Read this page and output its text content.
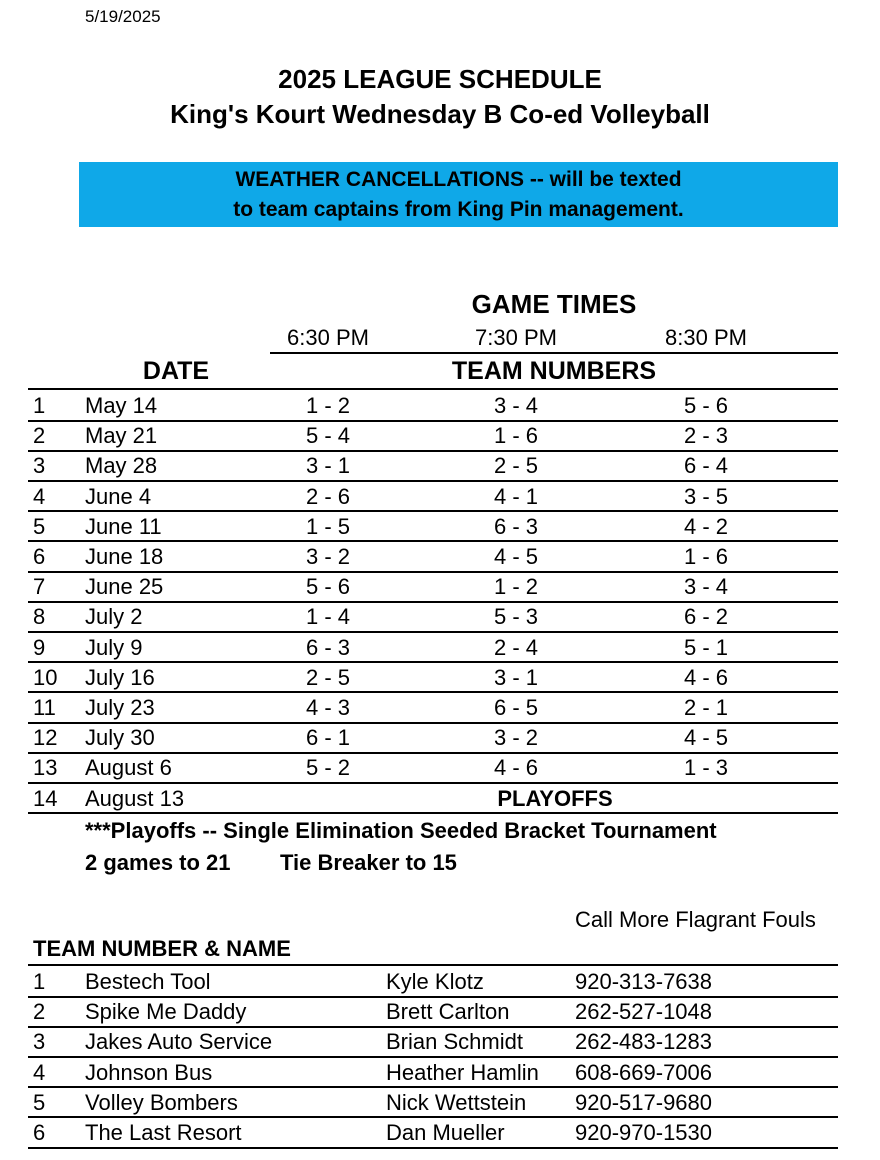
5/19/2025
2025 LEAGUE SCHEDULE
King's Kourt Wednesday B Co-ed Volleyball
WEATHER CANCELLATIONS -- will be texted
to team captains from King Pin management.
GAME TIMES
6:30 PM	7:30 PM	8:30 PM
DATE	TEAM NUMBERS
1 May 14	1 - 2	3 - 4	5 - 6
2 May 21	5 - 4	1 - 6	2 - 3
3 May 28	3 - 1	2 - 5	6 - 4
4 June 4	2 - 6	4 - 1	3 - 5
5 June 11	1 - 5	6 - 3	4 - 2
6 June 18	3 - 2	4 - 5	1 - 6
7 June 25	5 - 6	1 - 2	3 - 4
8 July 2	1 - 4	5 - 3	6 - 2
9 July 9	6 - 3	2 - 4	5 - 1
10 July 16	2 - 5	3 - 1	4 - 6
11 July 23	4 - 3	6 - 5	2 - 1
12 July 30	6 - 1	3 - 2	4 - 5
13 August 6	5 - 2	4 - 6	1 - 3
14 August 13	PLAYOFFS
***Playoffs -- Single Elimination Seeded Bracket Tournament
2 games to 21 Tie Breaker to 15
Call More Flagrant Fouls
TEAM NUMBER & NAME
1 Bestech Tool	Kyle Klotz	920-313-7638
2 Spike Me Daddy	Brett Carlton	262-527-1048
3 Jakes Auto Service	Brian Schmidt 262-483-1283
4 Johnson Bus	Heather Hamlin 608-669-7006
5 Volley Bombers	Nick Wettstein 920-517-9680
6 The Last Resort	Dan Mueller	920-970-1530
